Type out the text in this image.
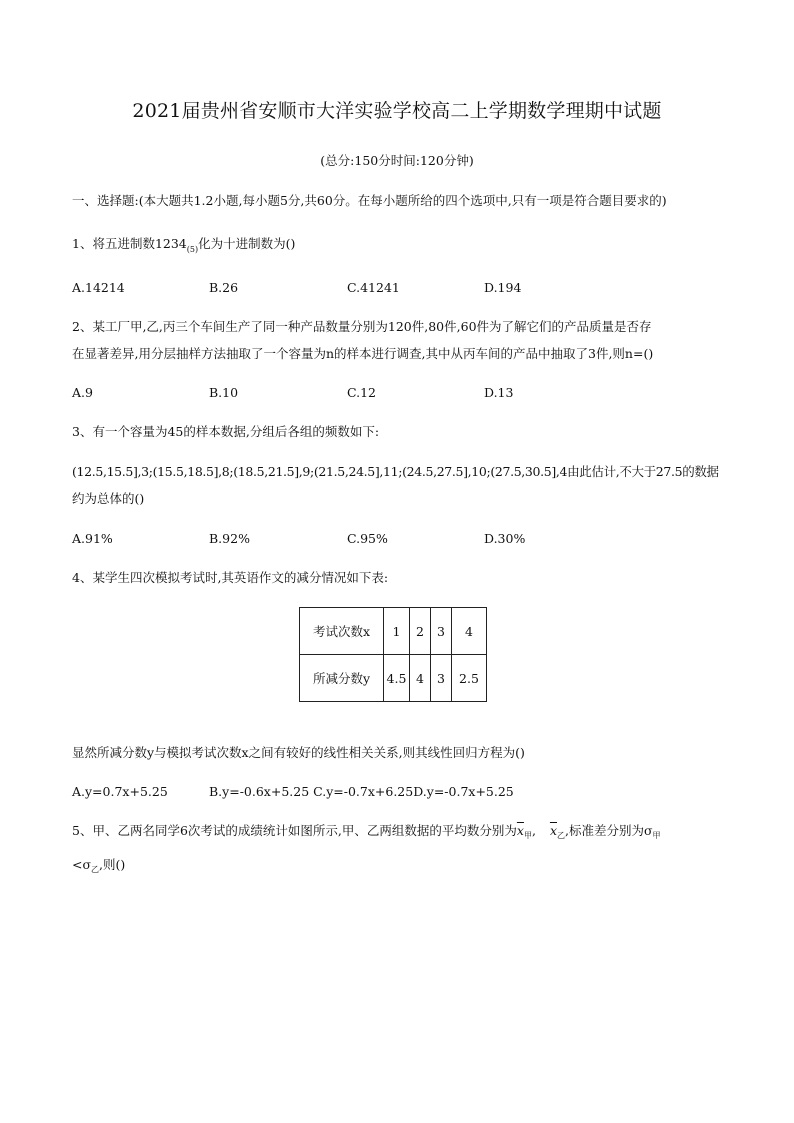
2021届贵州省安顺市大洋实验学校高二上学期数学理期中试题
(总分:150分时间:120分钟)
一、选择题:(本大题共1.2小题,每小题5分,共60分。在每小题所给的四个选项中,只有一项是符合题目要求的)
1、将五进制数$1234_{(5)}$化为十进制数为()
A.14214	B.26	C.41241	D.194
2、某工厂甲,乙,丙三个车间生产了同一种产品数量分别为120件,80件,60件为了解它们的产品质量是否存
在显著差异,用分层抽样方法抽取了一个容量为n的样本进行调查,其中从丙车间的产品中抽取了3件,则n=()
A.9	B.10	C.12	D.13
3、有一个容量为45的样本数据,分组后各组的频数如下:
(12.5,15.5],3;(15.5,18.5],8;(18.5,21.5],9;(21.5,24.5],11;(24.5,27.5],10;(27.5,30.5],4由此估计,不大于27.5的数据
约为总体的()
A.91%	B.92%	C.95%	D.30%
4、某学生四次模拟考试时,其英语作文的减分情况如下表:
考试次数x	1	2	3	4
所减分数y	4.5	4	3	2.5
显然所减分数y与模拟考试次数x之间有较好的线性相关关系,则其线性回归方程为()
A.y=0.7x+5.25	B.y=-0.6x+5.25 C.y=-0.7x+6.25D.y=-0.7x+5.25
5、甲、乙两名同学6次考试的成绩统计如图所示,甲、乙两组数据的平均数分别为$\overline{x}_甲$, $\overline{x}_乙$,标准差分别为$\sigma_甲$
$<\sigma_乙$,则()
